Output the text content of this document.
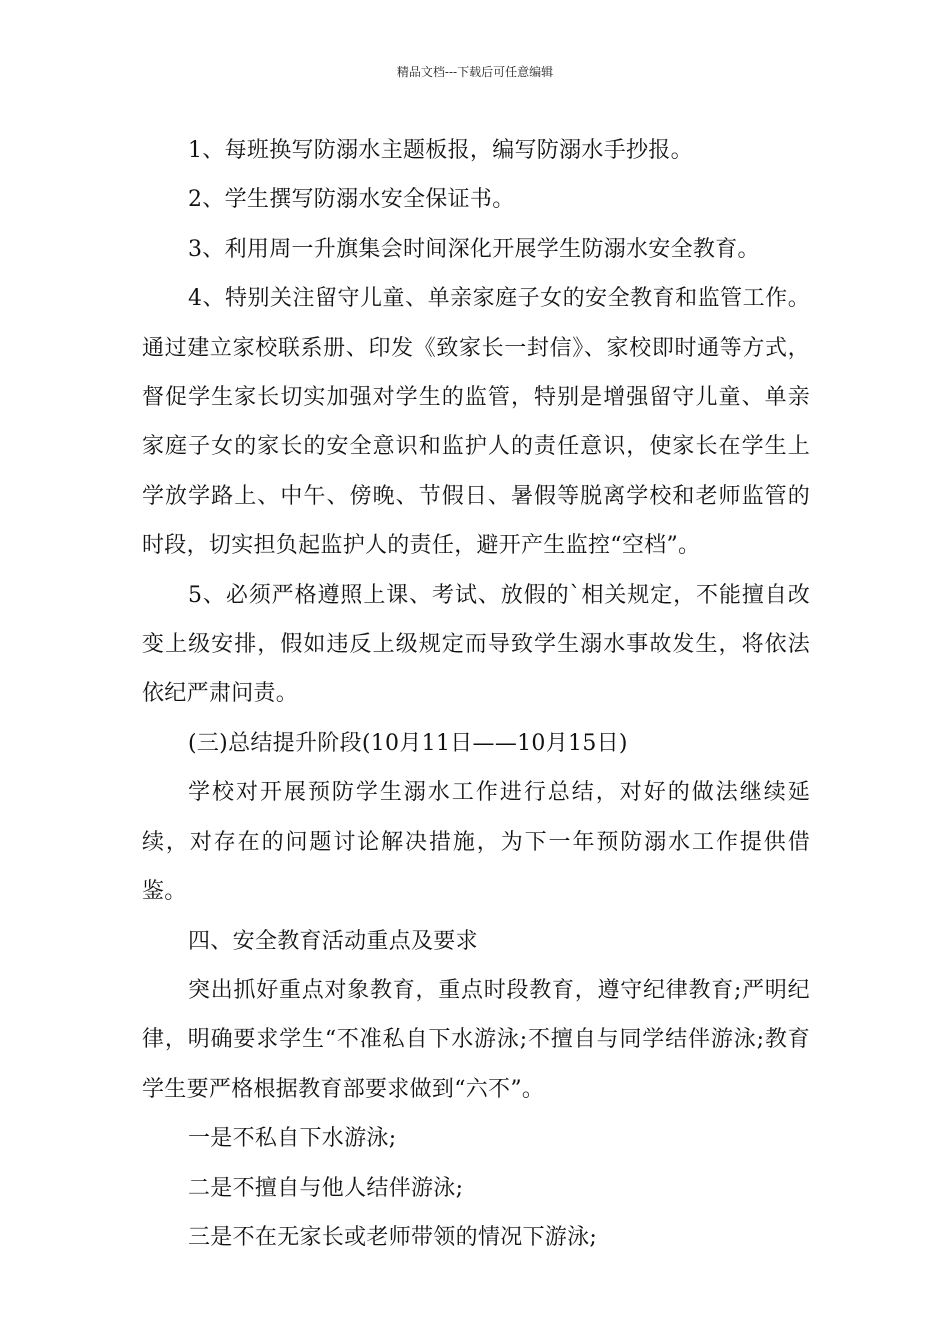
精品文档---下载后可任意编辑

1、每班换写防溺水主题板报，编写防溺水手抄报。

2、学生撰写防溺水安全保证书。

3、利用周一升旗集会时间深化开展学生防溺水安全教育。

4、特别关注留守儿童、单亲家庭子女的安全教育和监管工作。通过建立家校联系册、印发《致家长一封信》、家校即时通等方式，督促学生家长切实加强对学生的监管，特别是增强留守儿童、单亲家庭子女的家长的安全意识和监护人的责任意识，使家长在学生上学放学路上、中午、傍晚、节假日、暑假等脱离学校和老师监管的时段，切实担负起监护人的责任，避开产生监控“空档”。

5、必须严格遵照上课、考试、放假的`相关规定，不能擅自改变上级安排，假如违反上级规定而导致学生溺水事故发生，将依法依纪严肃问责。

(三)总结提升阶段(10月11日——10月15日)

学校对开展预防学生溺水工作进行总结，对好的做法继续延续，对存在的问题讨论解决措施，为下一年预防溺水工作提供借鉴。

四、安全教育活动重点及要求

突出抓好重点对象教育，重点时段教育，遵守纪律教育;严明纪律，明确要求学生“不准私自下水游泳;不擅自与同学结伴游泳;教育学生要严格根据教育部要求做到“六不”。

一是不私自下水游泳;

二是不擅自与他人结伴游泳;

三是不在无家长或老师带领的情况下游泳;
